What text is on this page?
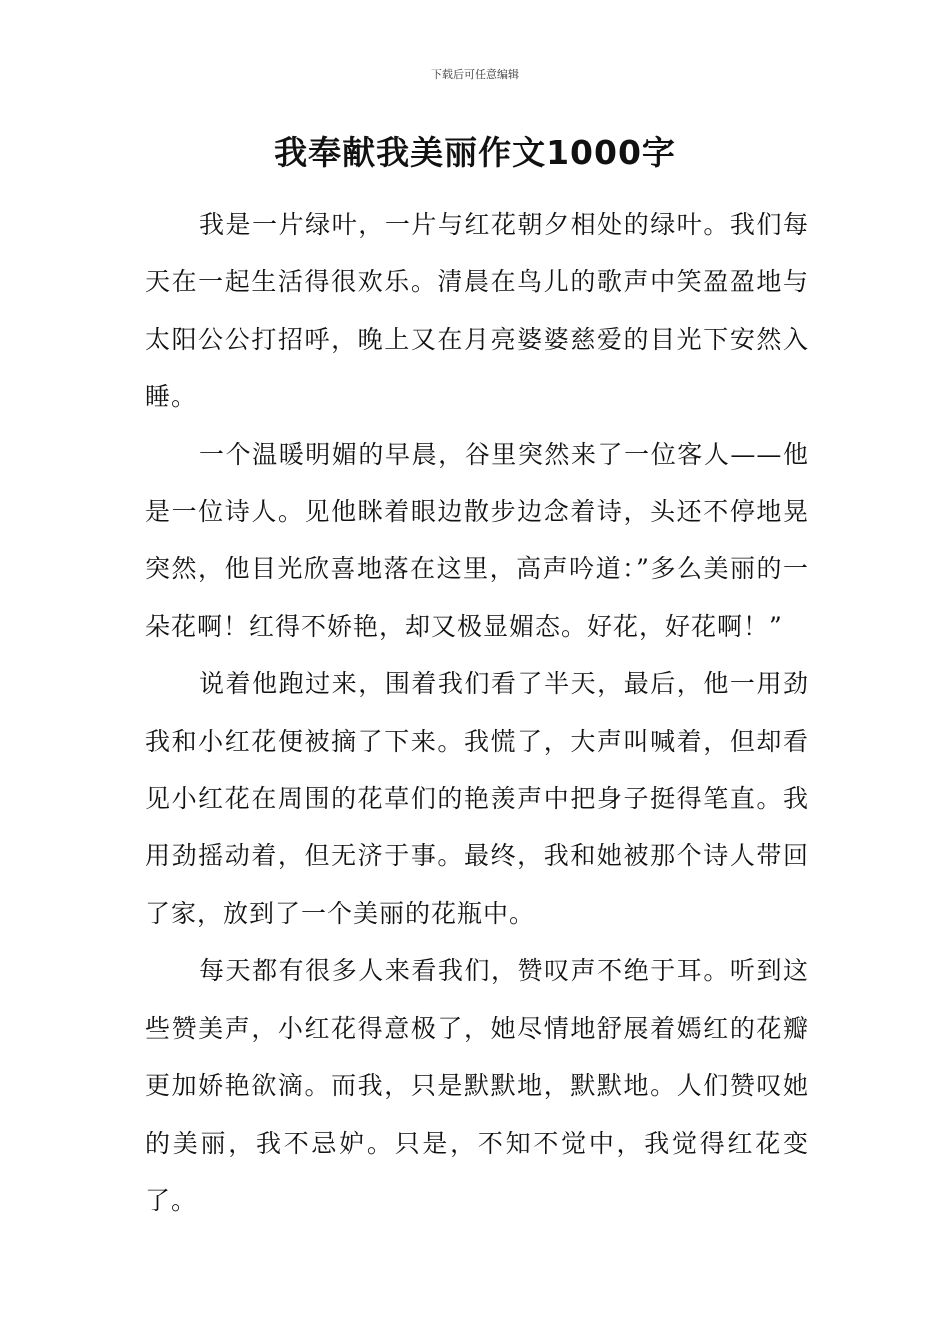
下载后可任意编辑
我奉献我美丽作文1000字

我是一片绿叶，一片与红花朝夕相处的绿叶。我们每天在一起生活得很欢乐。清晨在鸟儿的歌声中笑盈盈地与太阳公公打招呼，晚上又在月亮婆婆慈爱的目光下安然入睡。

一个温暖明媚的早晨，谷里突然来了一位客人——他是一位诗人。见他眯着眼边散步边念着诗，头还不停地晃突然，他目光欣喜地落在这里，高声吟道：”多么美丽的一朵花啊！红得不娇艳，却又极显媚态。好花，好花啊！”

说着他跑过来，围着我们看了半天，最后，他一用劲我和小红花便被摘了下来。我慌了，大声叫喊着，但却看见小红花在周围的花草们的艳羡声中把身子挺得笔直。我用劲摇动着，但无济于事。最终，我和她被那个诗人带回了家，放到了一个美丽的花瓶中。

每天都有很多人来看我们，赞叹声不绝于耳。听到这些赞美声，小红花得意极了，她尽情地舒展着嫣红的花瓣更加娇艳欲滴。而我，只是默默地，默默地。人们赞叹她的美丽，我不忌妒。只是，不知不觉中，我觉得红花变了。
